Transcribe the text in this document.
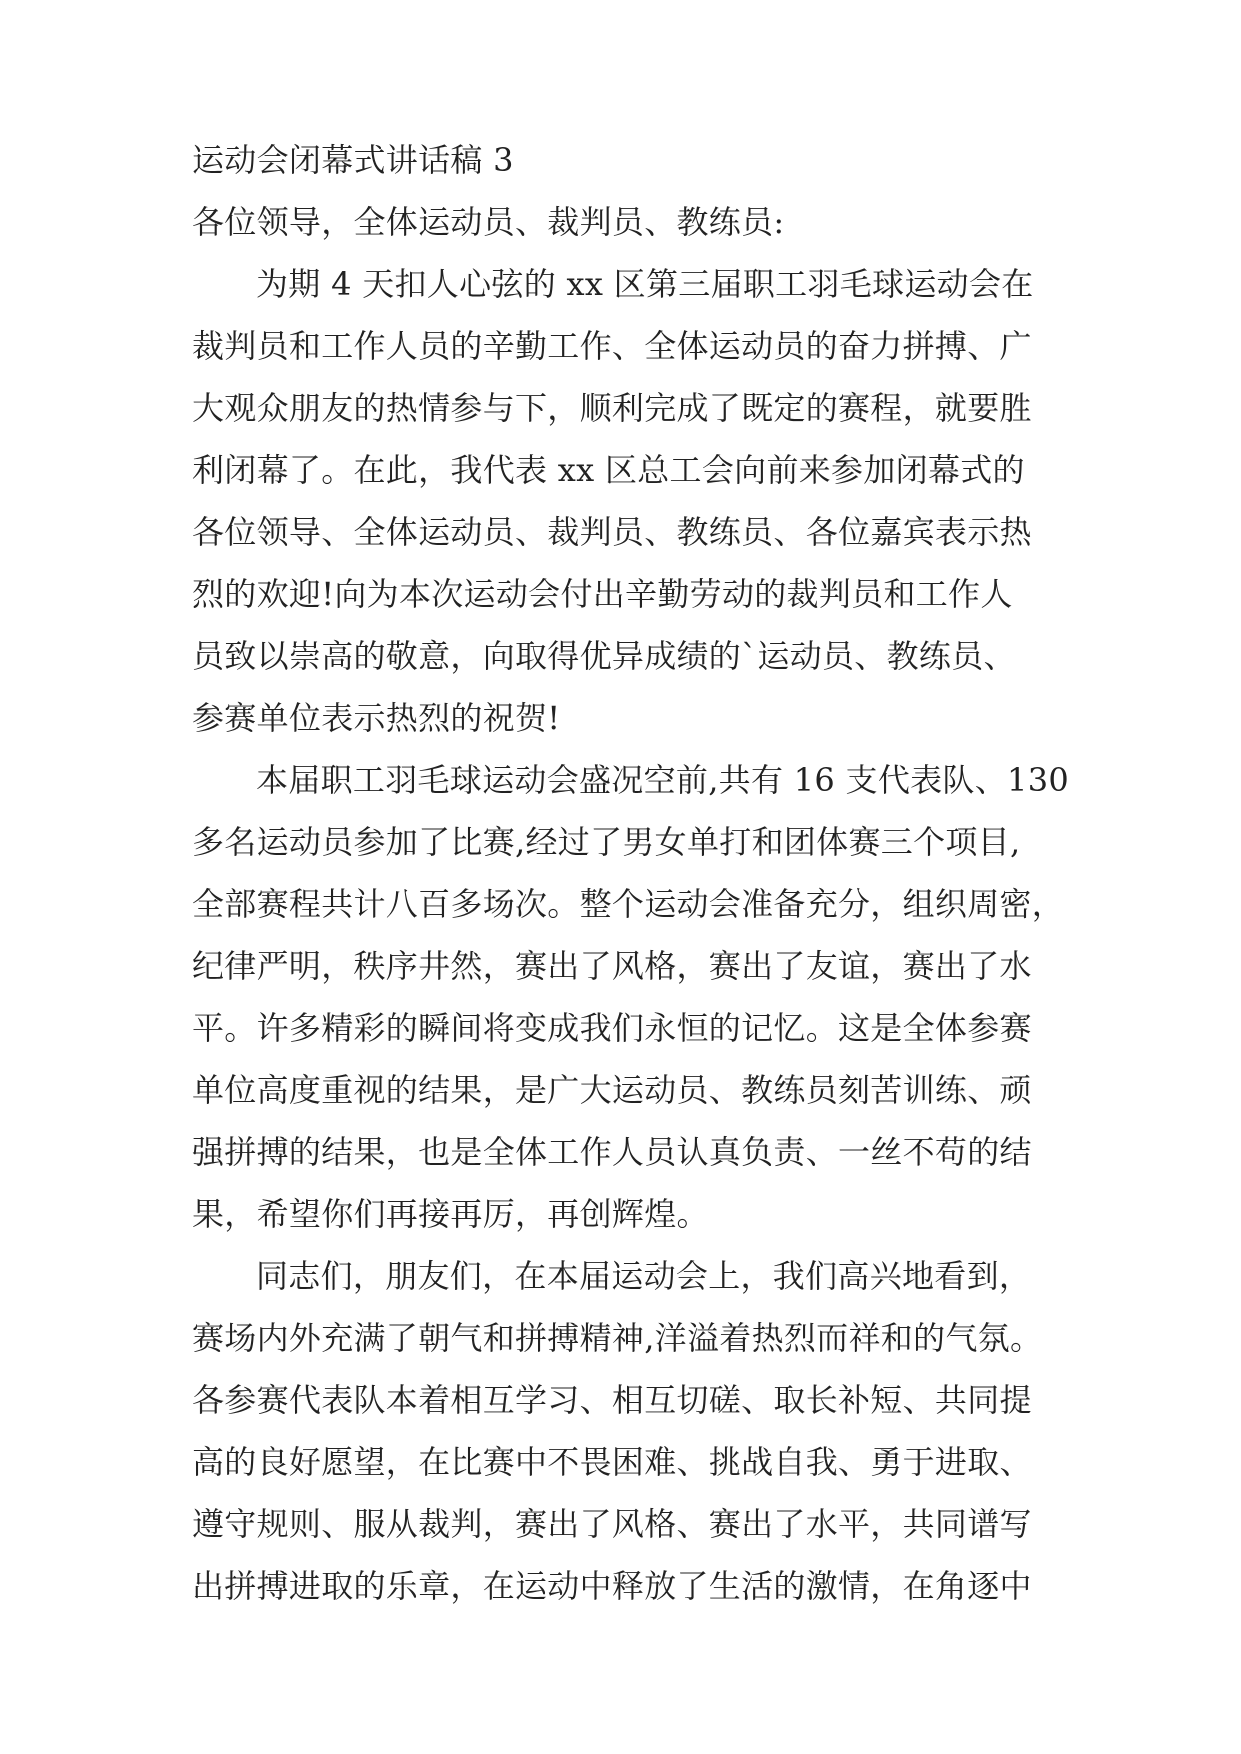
运动会闭幕式讲话稿 3
各位领导，全体运动员、裁判员、教练员:
为期 4 天扣人心弦的 xx 区第三届职工羽毛球运动会在
裁判员和工作人员的辛勤工作、全体运动员的奋力拼搏、广
大观众朋友的热情参与下，顺利完成了既定的赛程，就要胜
利闭幕了。在此，我代表 xx 区总工会向前来参加闭幕式的
各位领导、全体运动员、裁判员、教练员、各位嘉宾表示热
烈的欢迎!向为本次运动会付出辛勤劳动的裁判员和工作人
员致以崇高的敬意，向取得优异成绩的`运动员、教练员、
参赛单位表示热烈的祝贺!
本届职工羽毛球运动会盛况空前,共有 16 支代表队、130
多名运动员参加了比赛,经过了男女单打和团体赛三个项目,
全部赛程共计八百多场次。整个运动会准备充分，组织周密，
纪律严明，秩序井然，赛出了风格，赛出了友谊，赛出了水
平。许多精彩的瞬间将变成我们永恒的记忆。这是全体参赛
单位高度重视的结果，是广大运动员、教练员刻苦训练、顽
强拼搏的结果，也是全体工作人员认真负责、一丝不苟的结
果，希望你们再接再厉，再创辉煌。
同志们，朋友们，在本届运动会上，我们高兴地看到，
赛场内外充满了朝气和拼搏精神,洋溢着热烈而祥和的气氛。
各参赛代表队本着相互学习、相互切磋、取长补短、共同提
高的良好愿望，在比赛中不畏困难、挑战自我、勇于进取、
遵守规则、服从裁判，赛出了风格、赛出了水平，共同谱写
出拼搏进取的乐章，在运动中释放了生活的激情，在角逐中
